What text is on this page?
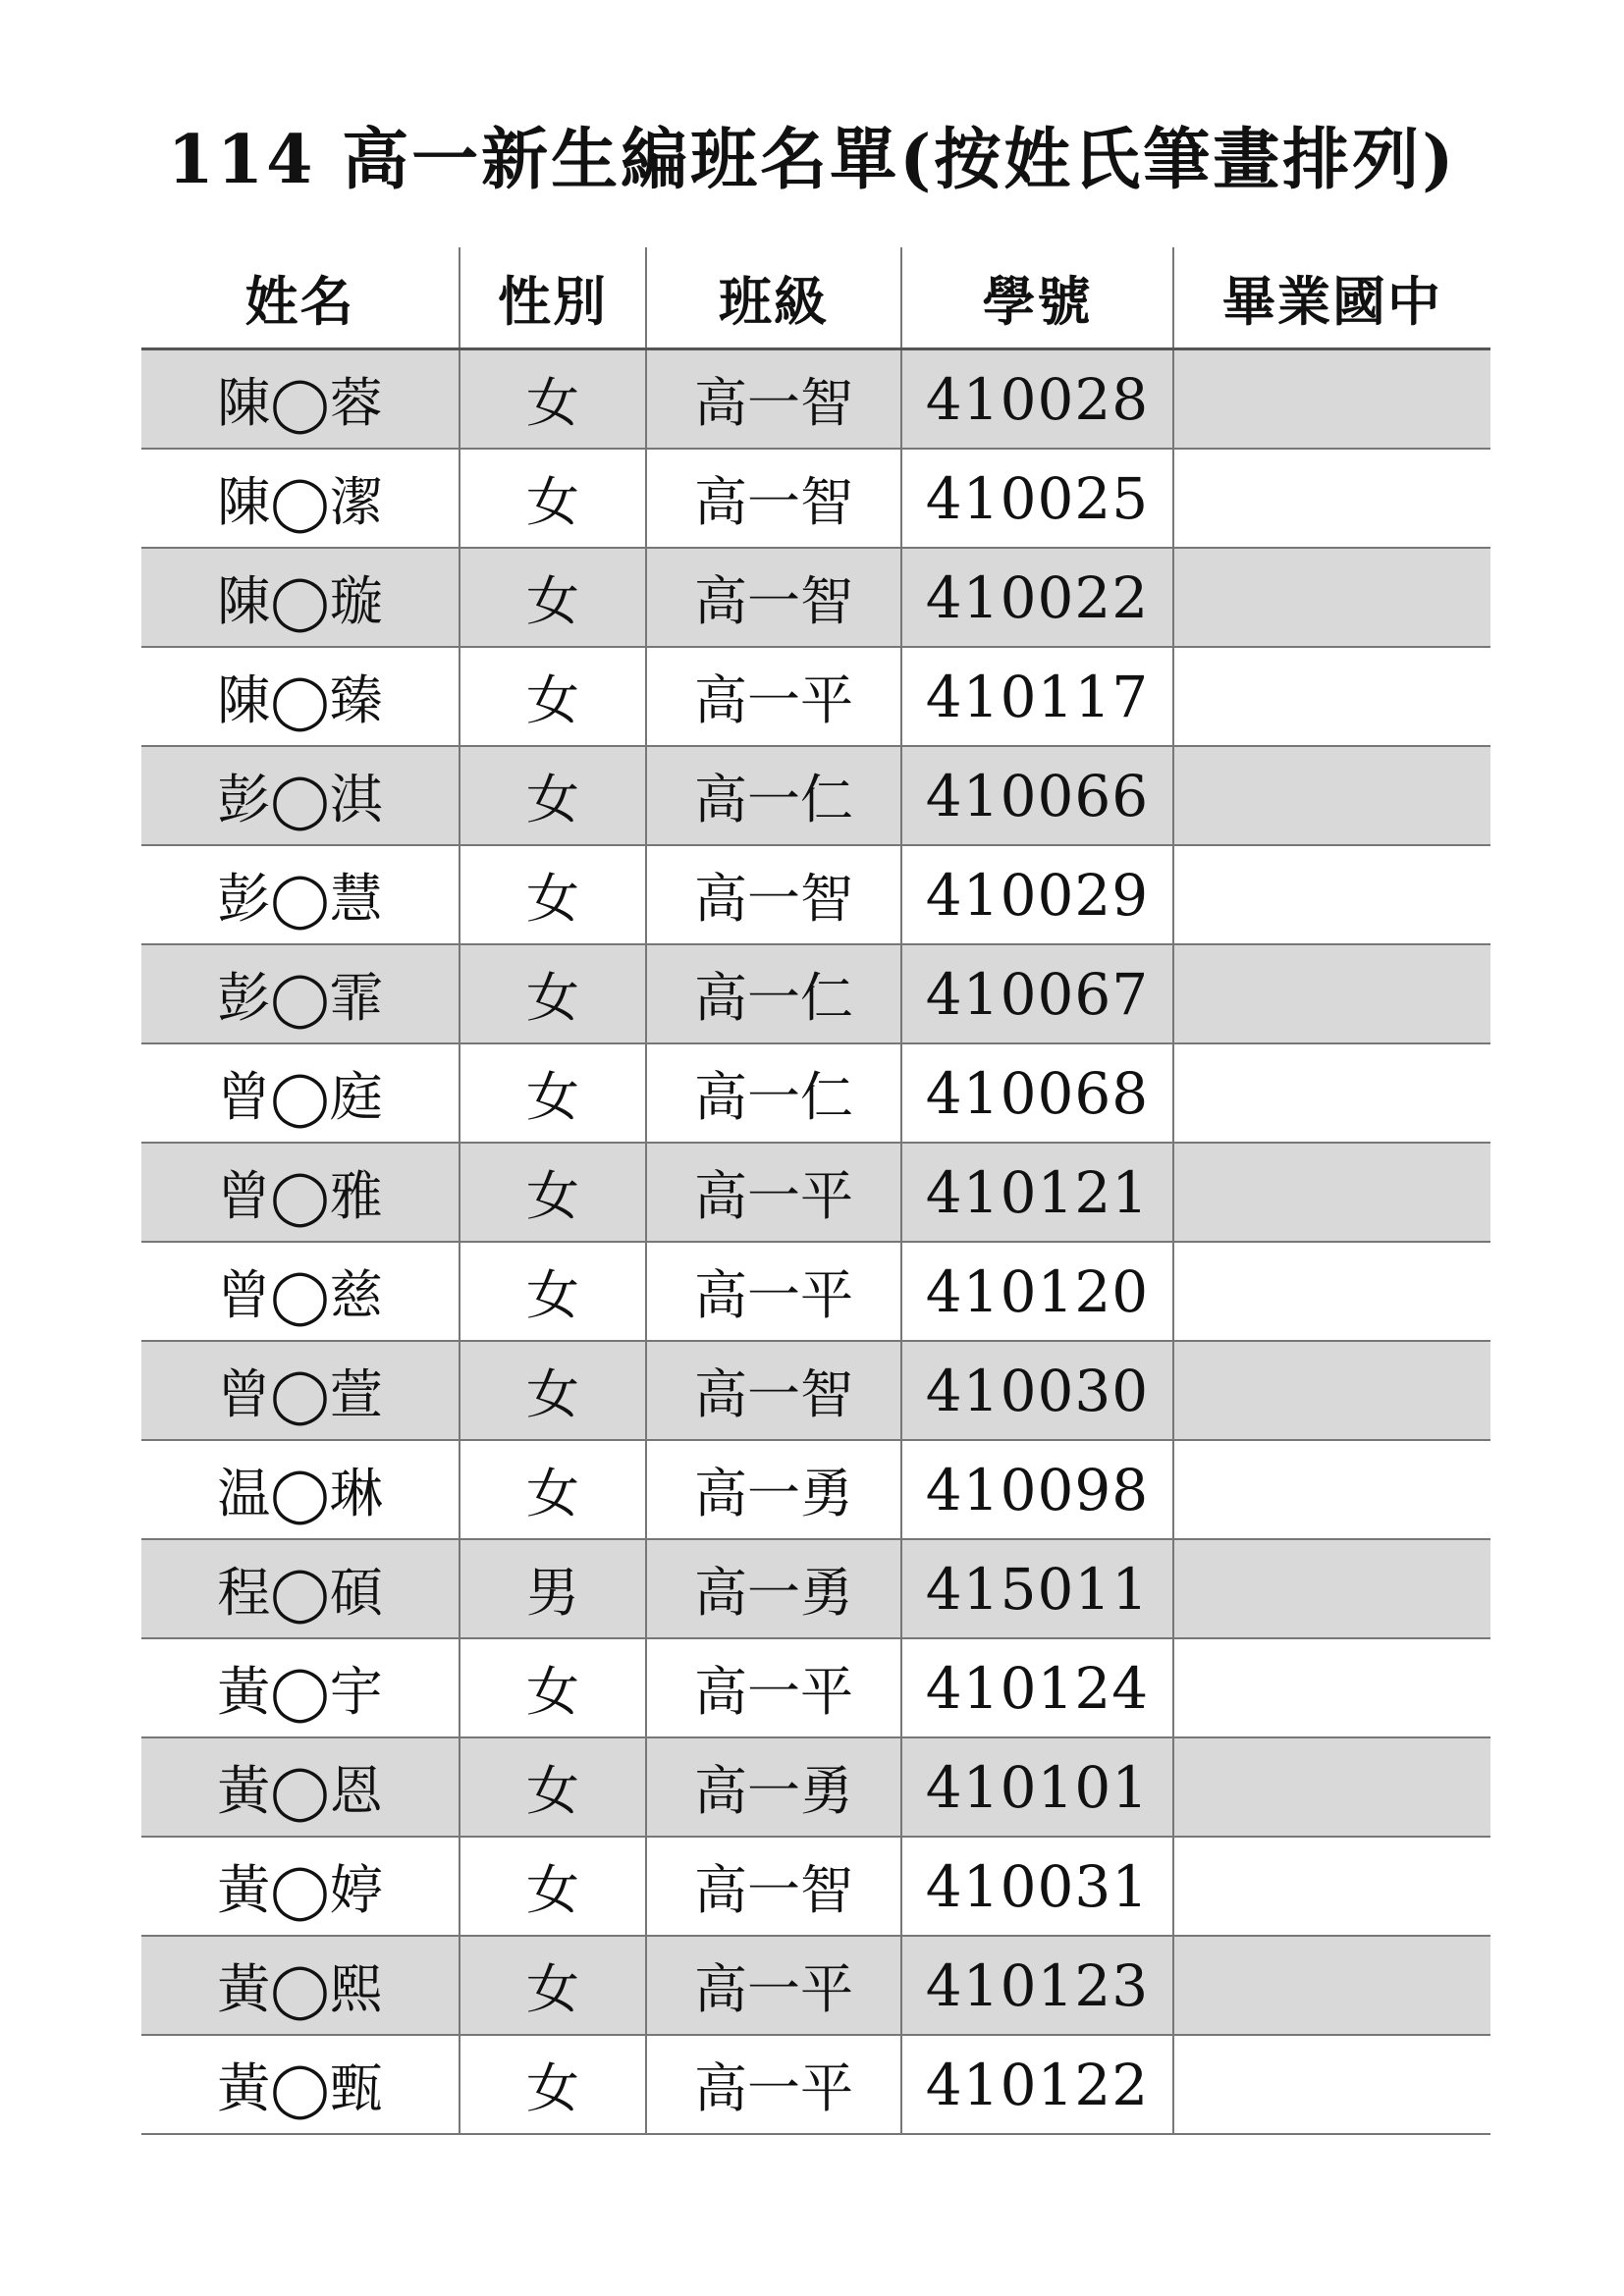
114 高一新生編班名單(按姓氏筆畫排列)
姓名	性別	班級	學號	畢業國中
陳◯蓉	女	高一智	410028	
陳◯潔	女	高一智	410025	
陳◯璇	女	高一智	410022	
陳◯臻	女	高一平	410117	
彭◯淇	女	高一仁	410066	
彭◯慧	女	高一智	410029	
彭◯霏	女	高一仁	410067	
曾◯庭	女	高一仁	410068	
曾◯雅	女	高一平	410121	
曾◯慈	女	高一平	410120	
曾◯萱	女	高一智	410030	
温◯琳	女	高一勇	410098	
程◯碩	男	高一勇	415011	
黃◯宇	女	高一平	410124	
黃◯恩	女	高一勇	410101	
黃◯婷	女	高一智	410031	
黃◯熙	女	高一平	410123	
黃◯甄	女	高一平	410122	
